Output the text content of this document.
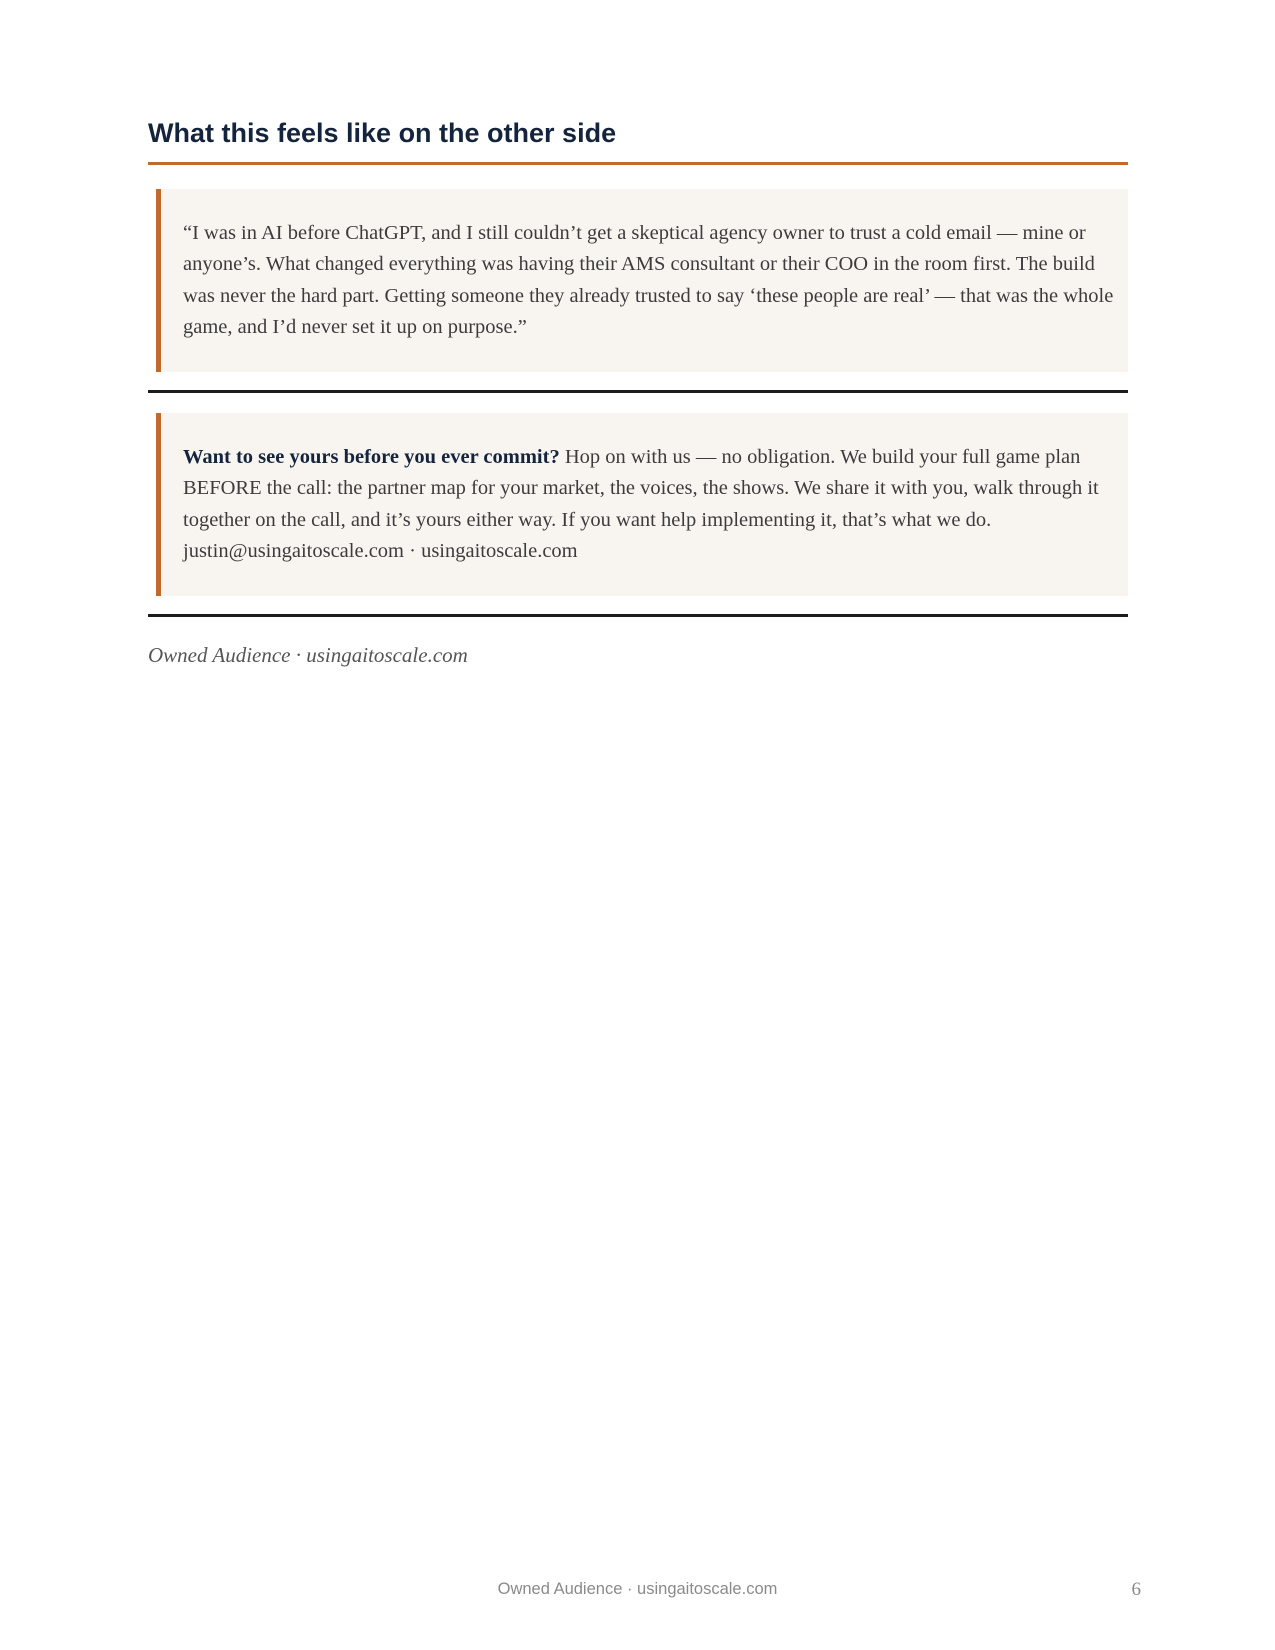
What this feels like on the other side

“I was in AI before ChatGPT, and I still couldn’t get a skeptical agency owner to trust a cold email — mine or anyone’s. What changed everything was having their AMS consultant or their COO in the room first. The build was never the hard part. Getting someone they already trusted to say ‘these people are real’ — that was the whole game, and I’d never set it up on purpose.”

Want to see yours before you ever commit? Hop on with us — no obligation. We build your full game plan BEFORE the call: the partner map for your market, the voices, the shows. We share it with you, walk through it together on the call, and it’s yours either way. If you want help implementing it, that’s what we do.

justin@usingaitoscale.com · usingaitoscale.com

Owned Audience · usingaitoscale.com
Owned Audience · usingaitoscale.com	6
